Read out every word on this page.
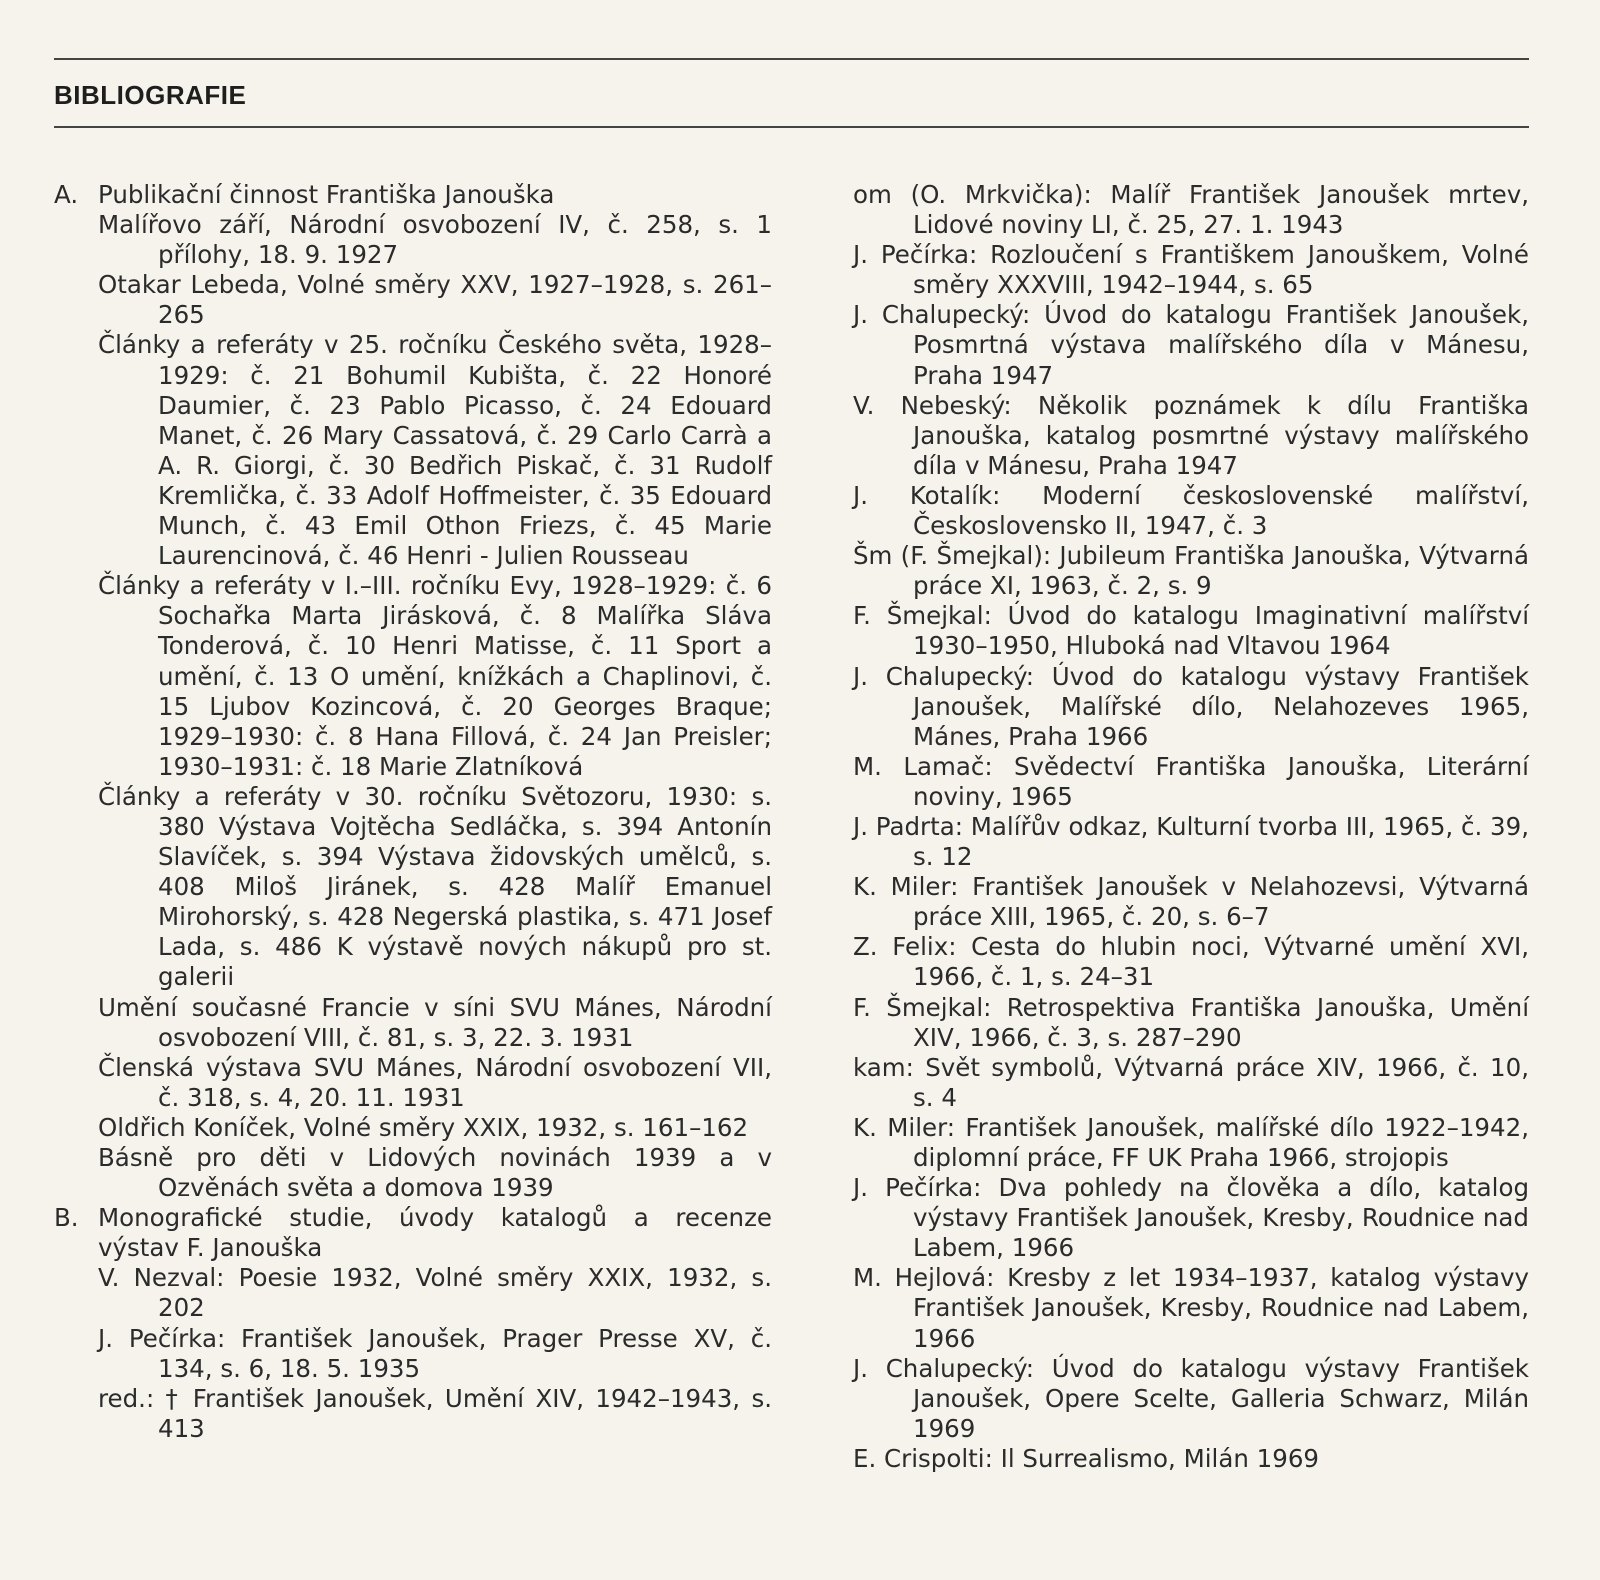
BIBLIOGRAFIE
A. Publikační činnost Františka Janouška

Malířovo září, Národní osvobození IV, č. 258, s. 1 přílohy, 18. 9. 1927

Otakar Lebeda, Volné směry XXV, 1927–1928, s. 261–265

Články a referáty v 25. ročníku Českého světa, 1928–1929: č. 21 Bohumil Kubišta, č. 22 Honoré Daumier, č. 23 Pablo Picasso, č. 24 Edouard Manet, č. 26 Mary Cassatová, č. 29 Carlo Carrà a A. R. Giorgi, č. 30 Bedřich Piskač, č. 31 Rudolf Kremlička, č. 33 Adolf Hoffmeister, č. 35 Edouard Munch, č. 43 Emil Othon Friezs, č. 45 Marie Laurencinová, č. 46 Henri - Julien Rousseau

Články a referáty v I.–III. ročníku Evy, 1928–1929: č. 6 Sochařka Marta Jirásková, č. 8 Malířka Sláva Tonderová, č. 10 Henri Matisse, č. 11 Sport a umění, č. 13 O umění, knížkách a Chaplinovi, č. 15 Ljubov Kozincová, č. 20 Georges Braque; 1929–1930: č. 8 Hana Fillová, č. 24 Jan Preisler; 1930–1931: č. 18 Marie Zlatníková

Články a referáty v 30. ročníku Světozoru, 1930: s. 380 Výstava Vojtěcha Sedláčka, s. 394 Antonín Slavíček, s. 394 Výstava židovských umělců, s. 408 Miloš Jiránek, s. 428 Malíř Emanuel Mirohorský, s. 428 Negerská plastika, s. 471 Josef Lada, s. 486 K výstavě nových nákupů pro st. galerii

Umění současné Francie v síni SVU Mánes, Národní osvobození VIII, č. 81, s. 3, 22. 3. 1931

Členská výstava SVU Mánes, Národní osvobození VII, č. 318, s. 4, 20. 11. 1931

Oldřich Koníček, Volné směry XXIX, 1932, s. 161–162

Básně pro děti v Lidových novinách 1939 a v Ozvěnách světa a domova 1939

B. Monografické studie, úvody katalogů a recenze
výstav F. Janouška

V. Nezval: Poesie 1932, Volné směry XXIX, 1932, s. 202

J. Pečírka: František Janoušek, Prager Presse XV, č. 134, s. 6, 18. 5. 1935

red.: † František Janoušek, Umění XIV, 1942–1943, s. 413

om (O. Mrkvička): Malíř František Janoušek mrtev, Lidové noviny LI, č. 25, 27. 1. 1943

J. Pečírka: Rozloučení s Františkem Janouškem, Volné směry XXXVIII, 1942–1944, s. 65

J. Chalupecký: Úvod do katalogu František Janoušek, Posmrtná výstava malířského díla v Mánesu, Praha 1947

V. Nebeský: Několik poznámek k dílu Františka Janouška, katalog posmrtné výstavy malířského díla v Mánesu, Praha 1947

J. Kotalík: Moderní československé malířství, Československo II, 1947, č. 3

Šm (F. Šmejkal): Jubileum Františka Janouška, Výtvarná práce XI, 1963, č. 2, s. 9

F. Šmejkal: Úvod do katalogu Imaginativní malířství 1930–1950, Hluboká nad Vltavou 1964

J. Chalupecký: Úvod do katalogu výstavy František Janoušek, Malířské dílo, Nelahozeves 1965, Mánes, Praha 1966

M. Lamač: Svědectví Františka Janouška, Literární noviny, 1965

J. Padrta: Malířův odkaz, Kulturní tvorba III, 1965, č. 39, s. 12

K. Miler: František Janoušek v Nelahozevsi, Výtvarná práce XIII, 1965, č. 20, s. 6–7

Z. Felix: Cesta do hlubin noci, Výtvarné umění XVI, 1966, č. 1, s. 24–31

F. Šmejkal: Retrospektiva Františka Janouška, Umění XIV, 1966, č. 3, s. 287–290

kam: Svět symbolů, Výtvarná práce XIV, 1966, č. 10, s. 4

K. Miler: František Janoušek, malířské dílo 1922–1942, diplomní práce, FF UK Praha 1966, strojopis

J. Pečírka: Dva pohledy na člověka a dílo, katalog výstavy František Janoušek, Kresby, Roudnice nad Labem, 1966

M. Hejlová: Kresby z let 1934–1937, katalog výstavy František Janoušek, Kresby, Roudnice nad Labem, 1966

J. Chalupecký: Úvod do katalogu výstavy František Janoušek, Opere Scelte, Galleria Schwarz, Milán 1969

E. Crispolti: Il Surrealismo, Milán 1969
